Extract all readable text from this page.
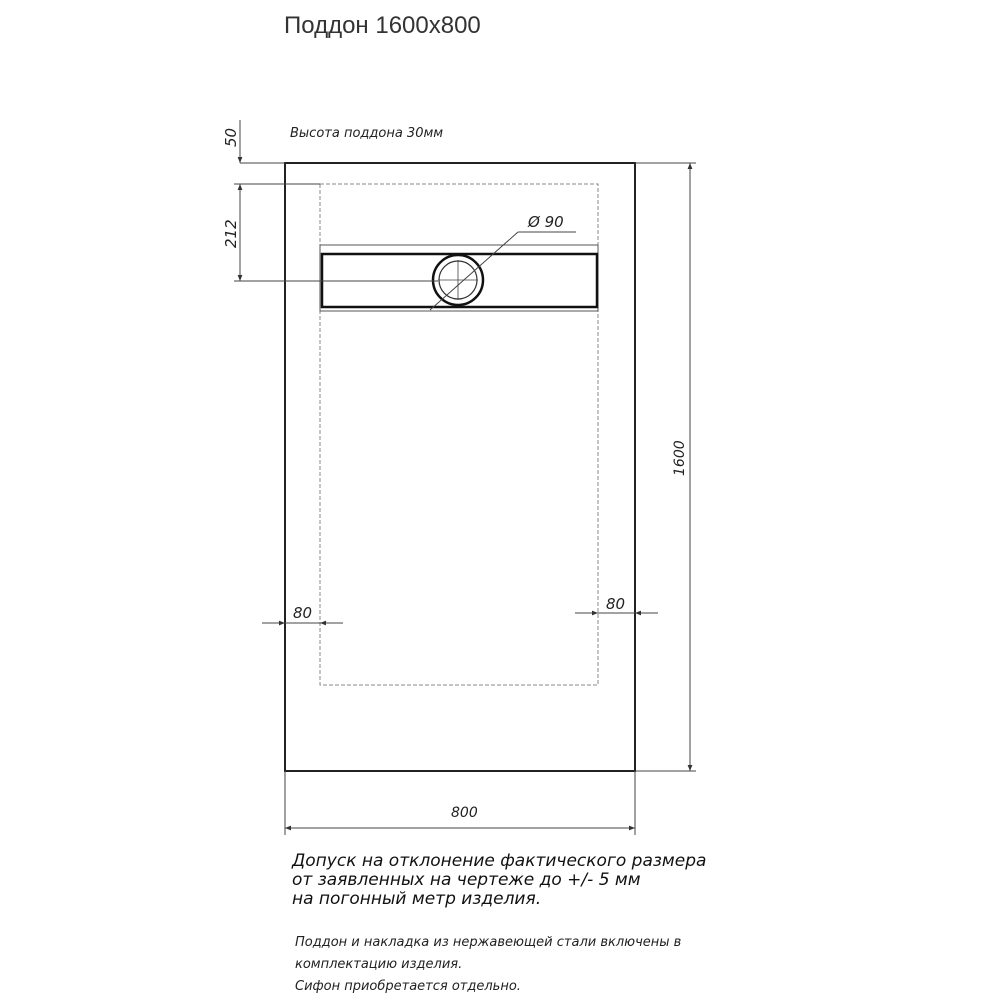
Поддон 1600х800
Высота поддона 30мм
Ø 90
50
212
1600
80	80
800
Допуск на отклонение фактического размера
от заявленных на чертеже до +/- 5 мм
на погонный метр изделия.
Поддон и накладка из нержавеющей стали включены в
комплектацию изделия.
Сифон приобретается отдельно.
